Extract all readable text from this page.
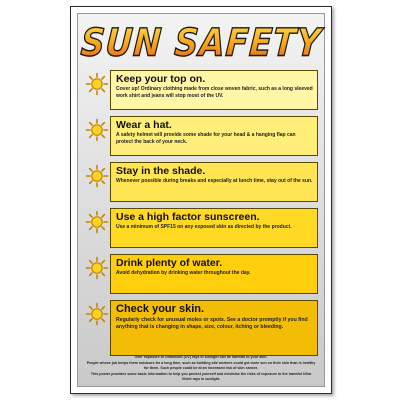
SUN SAFETY
Keep your top on.

Cover up! Ordinary clothing made from close woven fabric, such as a long sleeved work shirt and jeans will stop most of the UV.

Wear a hat.

A safety helmet will provide some shade for your head & a hanging flap can protect the back of your neck.

Stay in the shade.

Whenever possible during breaks and especially at lunch time, stay out of the sun.

Use a high factor sunscreen.

Use a minimum of SPF15 on any exposed skin as directed by the product.

Drink plenty of water.

Avoid dehydration by drinking water throughout the day.

Check your skin.

Regularly check for unusual moles or spots. See a doctor promptly if you find anything that is changing in shape, size, colour, itching or bleeding.

Over exposure to Ultraviolet (UV) rays in sunlight can be harmful to your skin.

People whose job keeps them outdoors for a long time, such as building site workers could get more sun on their skin than is healthy for them. Such people could be at an increased risk of skin cancer.

This poster provides some basic information to help you protect yourself and minimise the risks of exposure to the harmful Ultra Violet rays in sunlight.
